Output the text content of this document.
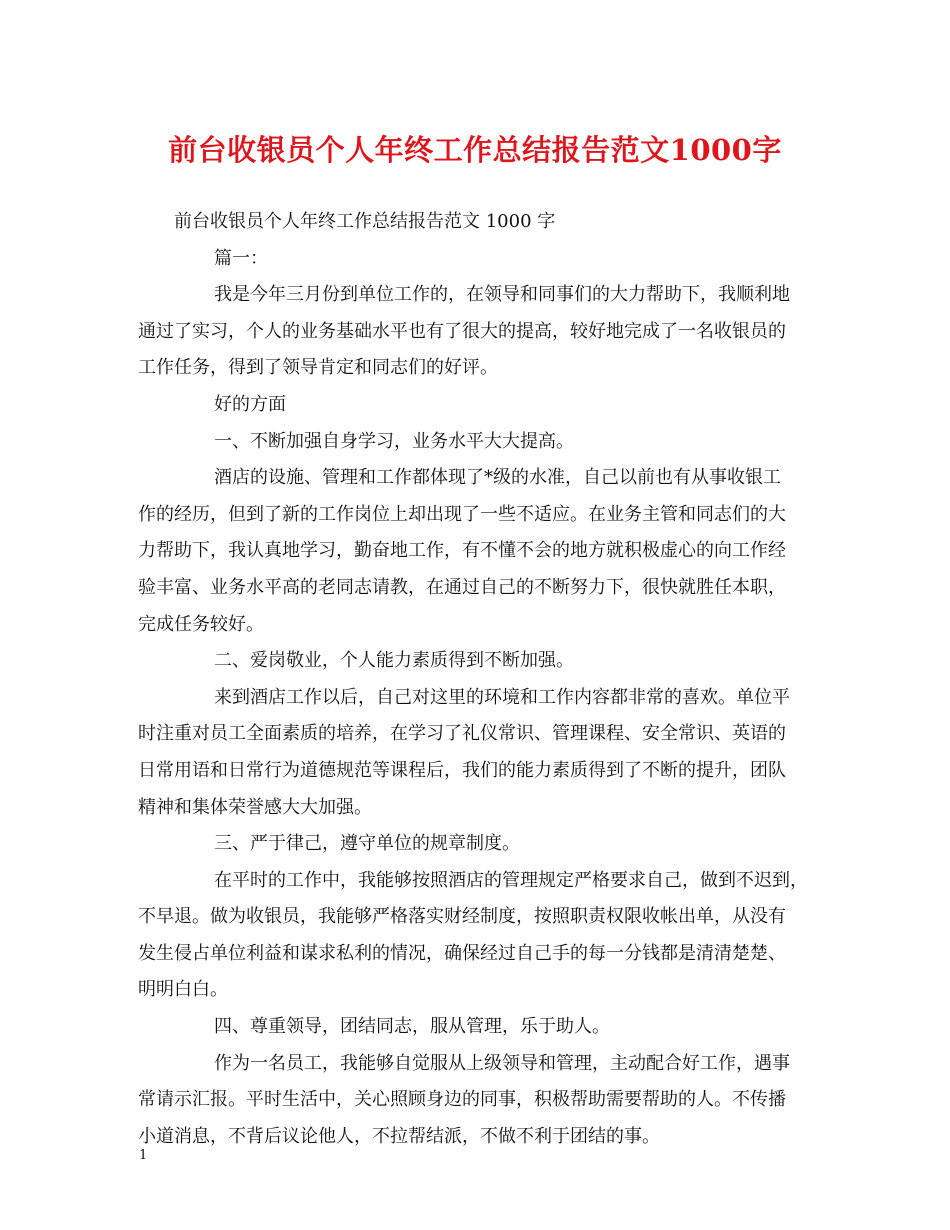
前台收银员个人年终工作总结报告范文1000字
前台收银员个人年终工作总结报告范文 1000 字
篇一：
我是今年三月份到单位工作的，在领导和同事们的大力帮助下，我顺利地
通过了实习，个人的业务基础水平也有了很大的提高，较好地完成了一名收银员的
工作任务，得到了领导肯定和同志们的好评。
好的方面
一、不断加强自身学习，业务水平大大提高。
酒店的设施、管理和工作都体现了*级的水准，自己以前也有从事收银工
作的经历，但到了新的工作岗位上却出现了一些不适应。在业务主管和同志们的大
力帮助下，我认真地学习，勤奋地工作，有不懂不会的地方就积极虚心的向工作经
验丰富、业务水平高的老同志请教，在通过自己的不断努力下，很快就胜任本职，
完成任务较好。
二、爱岗敬业，个人能力素质得到不断加强。
来到酒店工作以后，自己对这里的环境和工作内容都非常的喜欢。单位平
时注重对员工全面素质的培养，在学习了礼仪常识、管理课程、安全常识、英语的
日常用语和日常行为道德规范等课程后，我们的能力素质得到了不断的提升，团队
精神和集体荣誉感大大加强。
三、严于律己，遵守单位的规章制度。
在平时的工作中，我能够按照酒店的管理规定严格要求自己，做到不迟到，
不早退。做为收银员，我能够严格落实财经制度，按照职责权限收帐出单，从没有
发生侵占单位利益和谋求私利的情况，确保经过自己手的每一分钱都是清清楚楚、
明明白白。
四、尊重领导，团结同志，服从管理，乐于助人。
作为一名员工，我能够自觉服从上级领导和管理，主动配合好工作，遇事
常请示汇报。平时生活中，关心照顾身边的同事，积极帮助需要帮助的人。不传播
小道消息，不背后议论他人，不拉帮结派，不做不利于团结的事。
1
